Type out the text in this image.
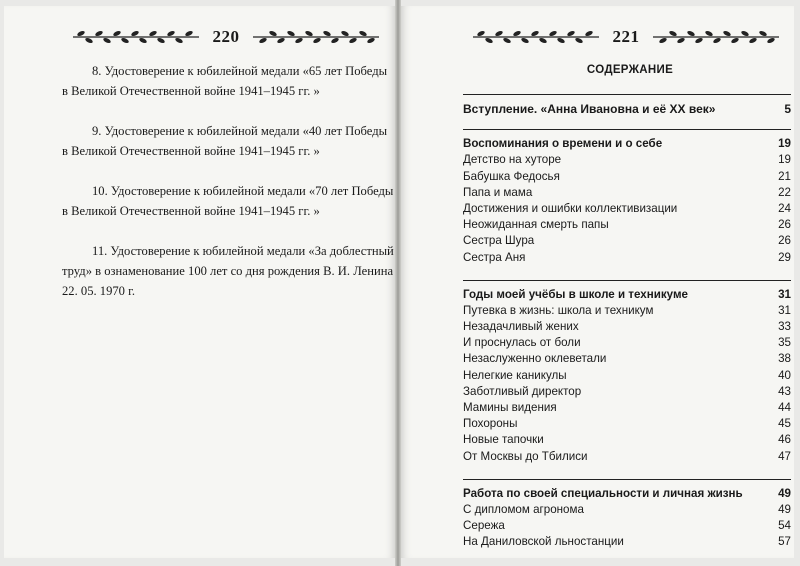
220

8. Удостоверение к юбилейной медали «65 лет Победы в Великой Отечественной войне 1941–1945 гг. »

9. Удостоверение к юбилейной медали «40 лет Победы в Великой Отечественной войне 1941–1945 гг. »

10. Удостоверение к юбилейной медали «70 лет Победы в Великой Отечественной войне 1941–1945 гг. »

11. Удостоверение к юбилейной медали «За доблестный труд» в ознаменование 100 лет со дня рождения В. И. Ленина 22. 05. 1970 г.

221
СОДЕРЖАНИЕ
Вступление. «Анна Ивановна и её ХХ век»	5
Воспоминания о времени и о себе	19
Детство на хуторе	19
Бабушка Федосья	21
Папа и мама	22
Достижения и ошибки коллективизации	24
Неожиданная смерть папы	26
Сестра Шура	26
Сестра Аня	29
Годы моей учёбы в школе и техникуме	31
Путевка в жизнь: школа и техникум	31
Незадачливый жених	33
И проснулась от боли	35
Незаслуженно оклеветали	38
Нелегкие каникулы	40
Заботливый директор	43
Мамины видения	44
Похороны	45
Новые тапочки	46
От Москвы до Тбилиси	47
Работа по своей специальности и личная жизнь	49
С дипломом агронома	49
Сережа	54
На Даниловской льностанции	57
